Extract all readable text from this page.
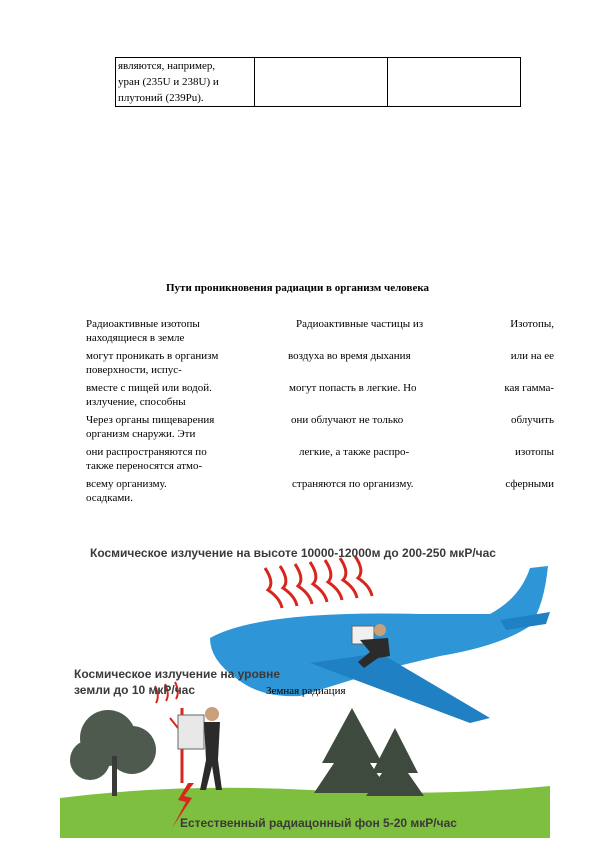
являются, например,
уран (235U и 238U) и
плутоний (239Pu).

Пути проникновения радиации в организм человека
Радиоактивные изотопы	Радиоактивные частицы из	Изотопы,
находящиеся в земле
могут проникать в организм	воздуха во время дыхания	или на ее
поверхности, испус-
вместе с пищей или водой.	могут попасть в легкие. Но	кая гамма-
излучение, способны
Через органы пищеварения	они облучают не только	облучить
организм снаружи. Эти
они распространяются по	легкие, а также распро-	изотопы
также переносятся атмо-
всему организму.	страняются по организму.	сферными
осадками.
Космическое излучение на высоте 10000-12000м до 200-250 мкР/час
Космическое излучение на уровне
земли до 10 мкР/час	Земная радиация
Естественный радиацонный фон 5-20 мкР/час
